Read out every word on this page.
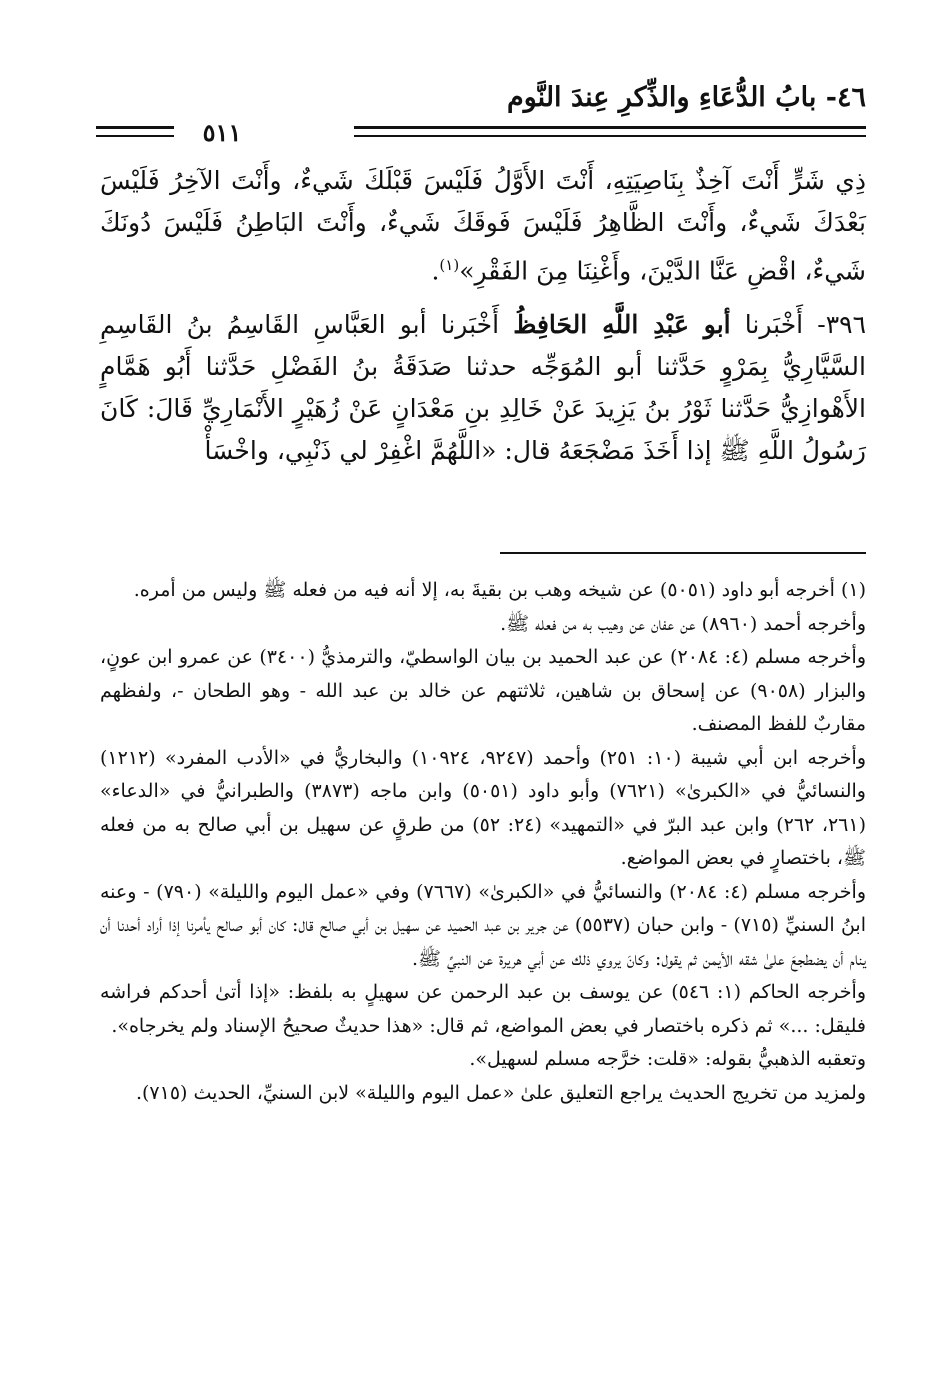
٤٦- بابُ الدُّعَاءِ والذِّكرِ عِندَ النَّوم
٥١١

ذِي شَرٍّ أَنْتَ آخِذٌ بِنَاصِيَتِهِ، أَنْتَ الأَوَّلُ فَلَيْسَ قَبْلَكَ شَيءٌ، وأَنْتَ الآخِرُ فَلَيْسَ بَعْدَكَ شَيءٌ، وأَنْتَ الظَّاهِرُ فَلَيْسَ فَوقَكَ شَيءٌ، وأَنْتَ البَاطِنُ فَلَيْسَ دُونَكَ شَيءٌ، اقْضِ عَنَّا الدَّيْنَ، وأَغْنِنَا مِنَ الفَقْرِ»$^{(١)}$.

٣٩٦- أَخْبَرنا أبو عَبْدِ اللَّهِ الحَافِظُ أَخْبَرنا أبو العَبَّاسِ القَاسِمُ بنُ القَاسِمِ السَّيَّارِيُّ بِمَرْوٍ حَدَّثنا أبو المُوَجِّه حدثنا صَدَقَةُ بنُ الفَضْلِ حَدَّثنا أَبُو هَمَّامٍ الأَهْوازِيُّ حَدَّثنا ثَوْرُ بنُ يَزِيدَ عَنْ خَالِدِ بنِ مَعْدَانٍ عَنْ زُهَيْرٍ الأَنْمَارِيِّ قَالَ: كَانَ رَسُولُ اللَّهِ ﷺ إذا أَخَذَ مَضْجَعَهُ قال: «اللَّهُمَّ اغْفِرْ لي ذَنْبِي، واخْسَأْ

(١) أخرجه أبو داود (٥٠٥١) عن شيخه وهب بن بقيةَ به، إلا أنه فيه من فعله ﷺ وليس من أمره.

وأخرجه أحمد (٨٩٦٠) عن عفان عن وهيب به من فعله ﷺ.

وأخرجه مسلم (٤: ٢٠٨٤) عن عبد الحميد بن بيان الواسطيّ، والترمذيُّ (٣٤٠٠) عن عمرو ابن عونٍ، والبزار (٩٠٥٨) عن إسحاق بن شاهين، ثلاثتهم عن خالد بن عبد الله - وهو الطحان -، ولفظهم مقاربٌ للفظ المصنف.

وأخرجه ابن أبي شيبة (١٠: ٢٥١) وأحمد (٩٢٤٧، ١٠٩٢٤) والبخاريُّ في «الأدب المفرد» (١٢١٢) والنسائيُّ في «الكبرىٰ» (٧٦٢١) وأبو داود (٥٠٥١) وابن ماجه (٣٨٧٣) والطبرانيُّ في «الدعاء» (٢٦١، ٢٦٢) وابن عبد البرّ في «التمهيد» (٢٤: ٥٢) من طرقٍ عن سهيل بن أبي صالح به من فعله ﷺ، باختصارٍ في بعض المواضع.

وأخرجه مسلم (٤: ٢٠٨٤) والنسائيُّ في «الكبرىٰ» (٧٦٦٧) وفي «عمل اليوم والليلة» (٧٩٠) - وعنه ابنُ السنيِّ (٧١٥) - وابن حبان (٥٥٣٧) عن جرير بن عبد الحميد عن سهيل بن أبي صالح قال: كان أبو صالح يأمرنا إذا أراد أحدنا أن ينام أن يضطجعَ علىٰ شقه الأيمن ثم يقول: وكانَ يروي ذلك عن أبي هريرة عن النبيِّ ﷺ.

وأخرجه الحاكم (١: ٥٤٦) عن يوسف بن عبد الرحمن عن سهيلٍ به بلفظ: «إذا أتىٰ أحدكم فراشه فليقل: ...» ثم ذكره باختصار في بعض المواضع، ثم قال: «هذا حديثٌ صحيحُ الإسناد ولم يخرجاه».

وتعقبه الذهبيُّ بقوله: «قلت: خرَّجه مسلم لسهيل».

ولمزيد من تخريج الحديث يراجع التعليق علىٰ «عمل اليوم والليلة» لابن السنيِّ، الحديث (٧١٥).
